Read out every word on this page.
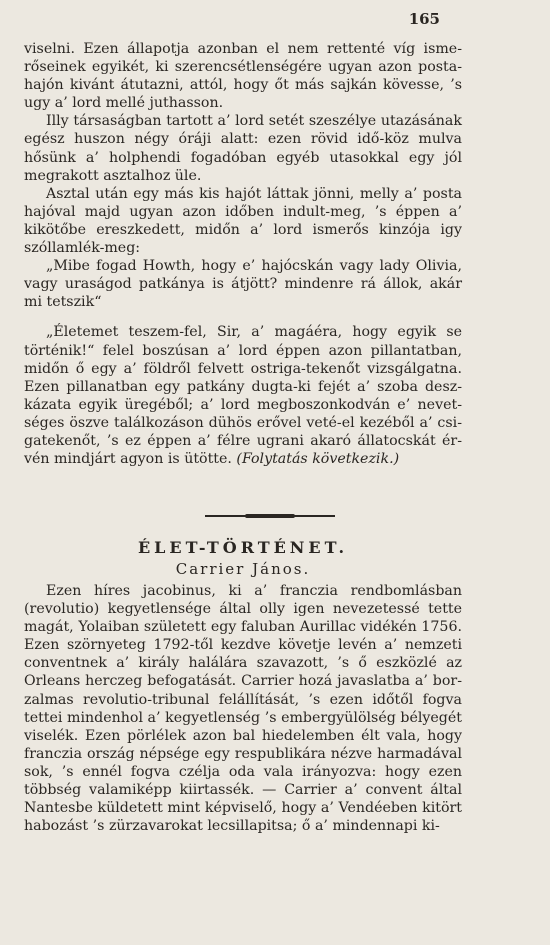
165

viselni. Ezen állapotja azonban el nem rettenté víg ismerőseinek egyikét, ki szerencsétlenségére ugyan azon postahajón kivánt átutazni, attól, hogy őt más sajkán kövesse, ’s ugy a’ lord mellé juthasson.

Illy társaságban tartott a’ lord setét szeszélye utazásának egész huszon négy óráji alatt: ezen rövid idő-köz mulva hősünk a’ holphendi fogadóban egyéb utasokkal egy jól megrakott asztalhoz üle.

Asztal után egy más kis hajót láttak jönni, melly a’ posta hajóval majd ugyan azon időben indult-meg, ’s éppen a’ kikötőbe ereszkedett, midőn a’ lord ismerős kinzója igy szóllamlék-meg:

„Mibe fogad Howth, hogy e’ hajócskán vagy lady Olivia, vagy uraságod patkánya is átjött? mindenre rá állok, akár mi tetszik“

„Életemet teszem-fel, Sir, a’ magáéra, hogy egyik se történik!“ felel boszúsan a’ lord éppen azon pillantatban, midőn ő egy a’ földről felvett ostriga-tekenőt vizsgálgatna. Ezen pillanatban egy patkány dugta-ki fejét a’ szoba deszkázata egyik üregéből; a’ lord megboszonkodván e’ nevetséges öszve találkozáson dühös erővel veté-el kezéből a’ csigatekenőt, ’s ez éppen a’ félre ugrani akaró állatocskát érvén mindjárt agyon is ütötte. (Folytatás következik.)

ÉLET-TÖRTÉNET.
Carrier János.

Ezen híres jacobinus, ki a’ franczia rendbomlásban (revolutio) kegyetlensége által olly igen nevezetessé tette magát, Yolaiban született egy faluban Aurillac vidékén 1756. Ezen szörnyeteg 1792-től kezdve követje levén a’ nemzeti conventnek a’ király halálára szavazott, ’s ő eszközlé az Orleans herczeg befogatását. Carrier hozá javaslatba a’ borzalmas revolutio-tribunal felállítását, ’s ezen időtől fogva tettei mindenhol a’ kegyetlenség ’s embergyülölség bélyegét viselék. Ezen pörlélek azon bal hiedelemben élt vala, hogy franczia ország népsége egy respublikára nézve harmadával sok, ’s ennél fogva czélja oda vala irányozva: hogy ezen többség valamiképp kiirtassék. — Carrier a’ convent által Nantesbe küldetett mint képviselő, hogy a’ Vendéeben kitört habozást ’s zürzavarokat lecsillapitsa; ő a’ mindennapi ki-
